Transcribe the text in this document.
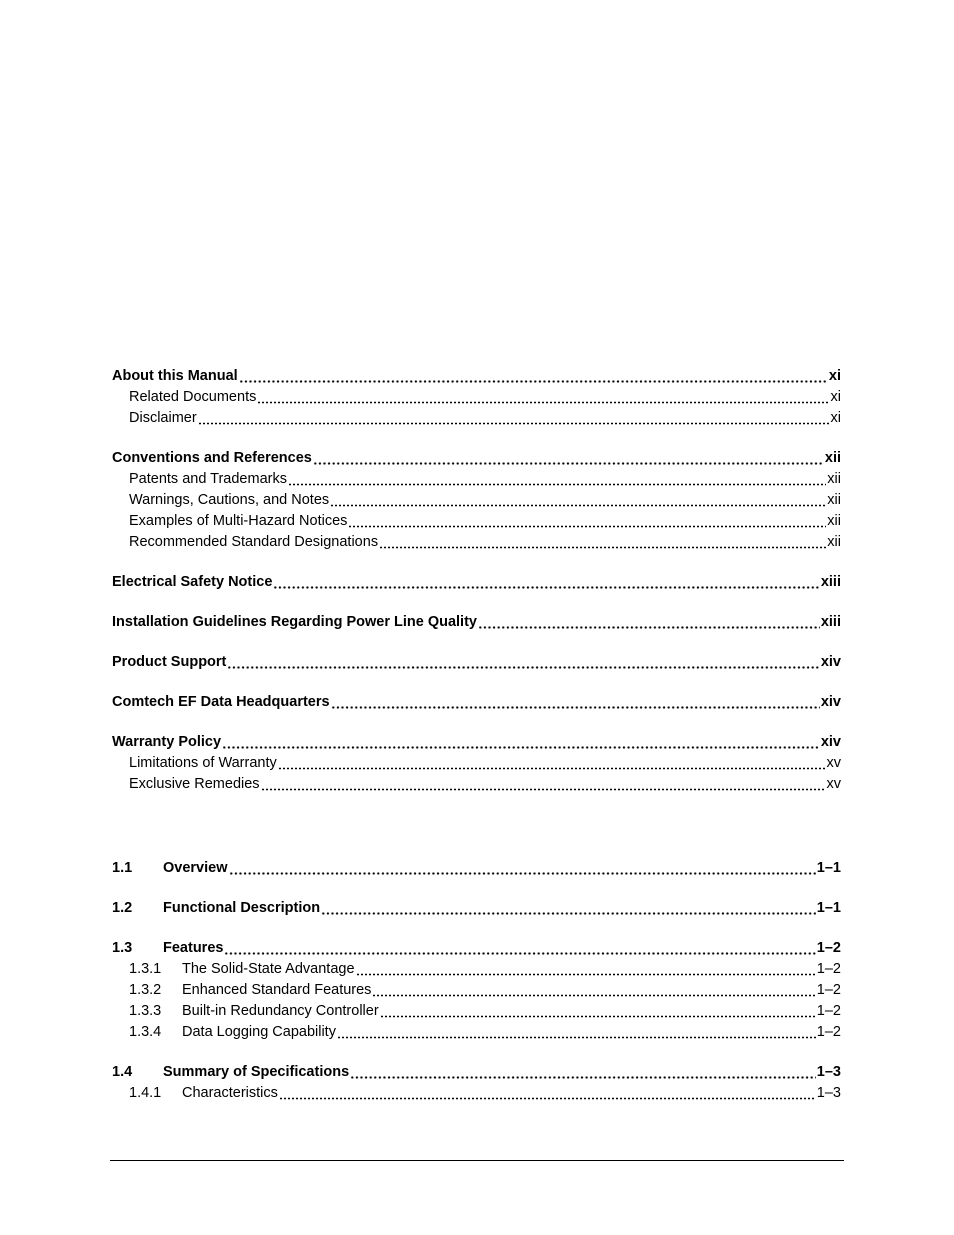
About this Manual	xi
Related Documents	xi
Disclaimer	xi
Conventions and References	xii
Patents and Trademarks	xii
Warnings, Cautions, and Notes	xii
Examples of Multi-Hazard Notices	xii
Recommended Standard Designations	xii
Electrical Safety Notice	xiii
Installation Guidelines Regarding Power Line Quality	xiii
Product Support	xiv
Comtech EF Data Headquarters	xiv
Warranty Policy	xiv
Limitations of Warranty	xv
Exclusive Remedies	xv
1.1	Overview	1–1
1.2	Functional Description	1–1
1.3	Features	1–2
1.3.1	The Solid-State Advantage	1–2
1.3.2	Enhanced Standard Features	1–2
1.3.3	Built-in Redundancy Controller	1–2
1.3.4	Data Logging Capability	1–2
1.4	Summary of Specifications	1–3
1.4.1	Characteristics	1–3
